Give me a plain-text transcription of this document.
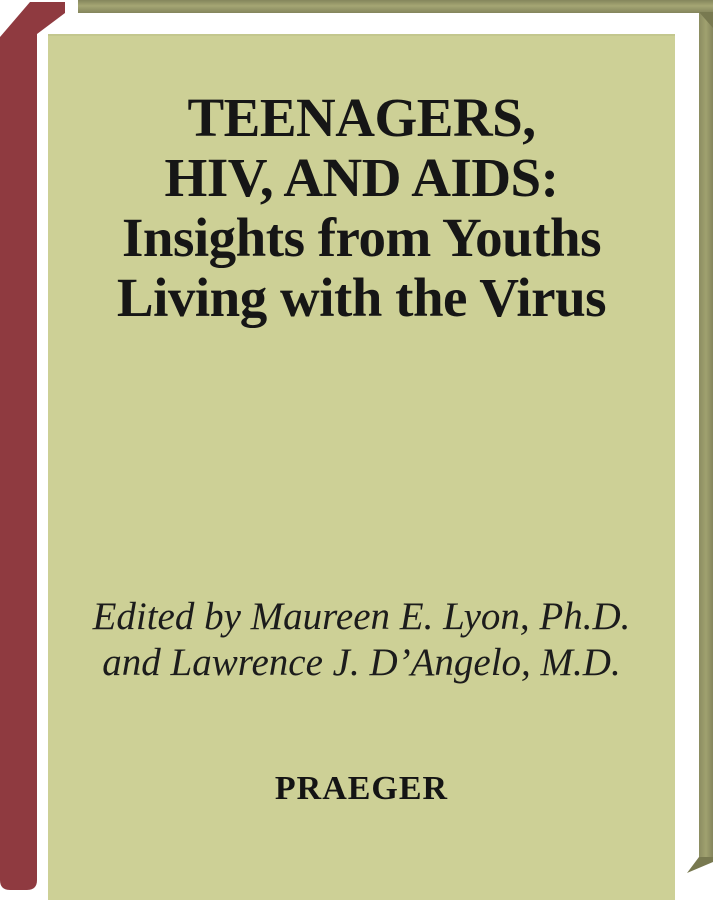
TEENAGERS,
HIV, AND AIDS:
Insights from Youths
Living with the Virus
Edited by Maureen E. Lyon, Ph.D.
and Lawrence J. D’Angelo, M.D.
PRAEGER
